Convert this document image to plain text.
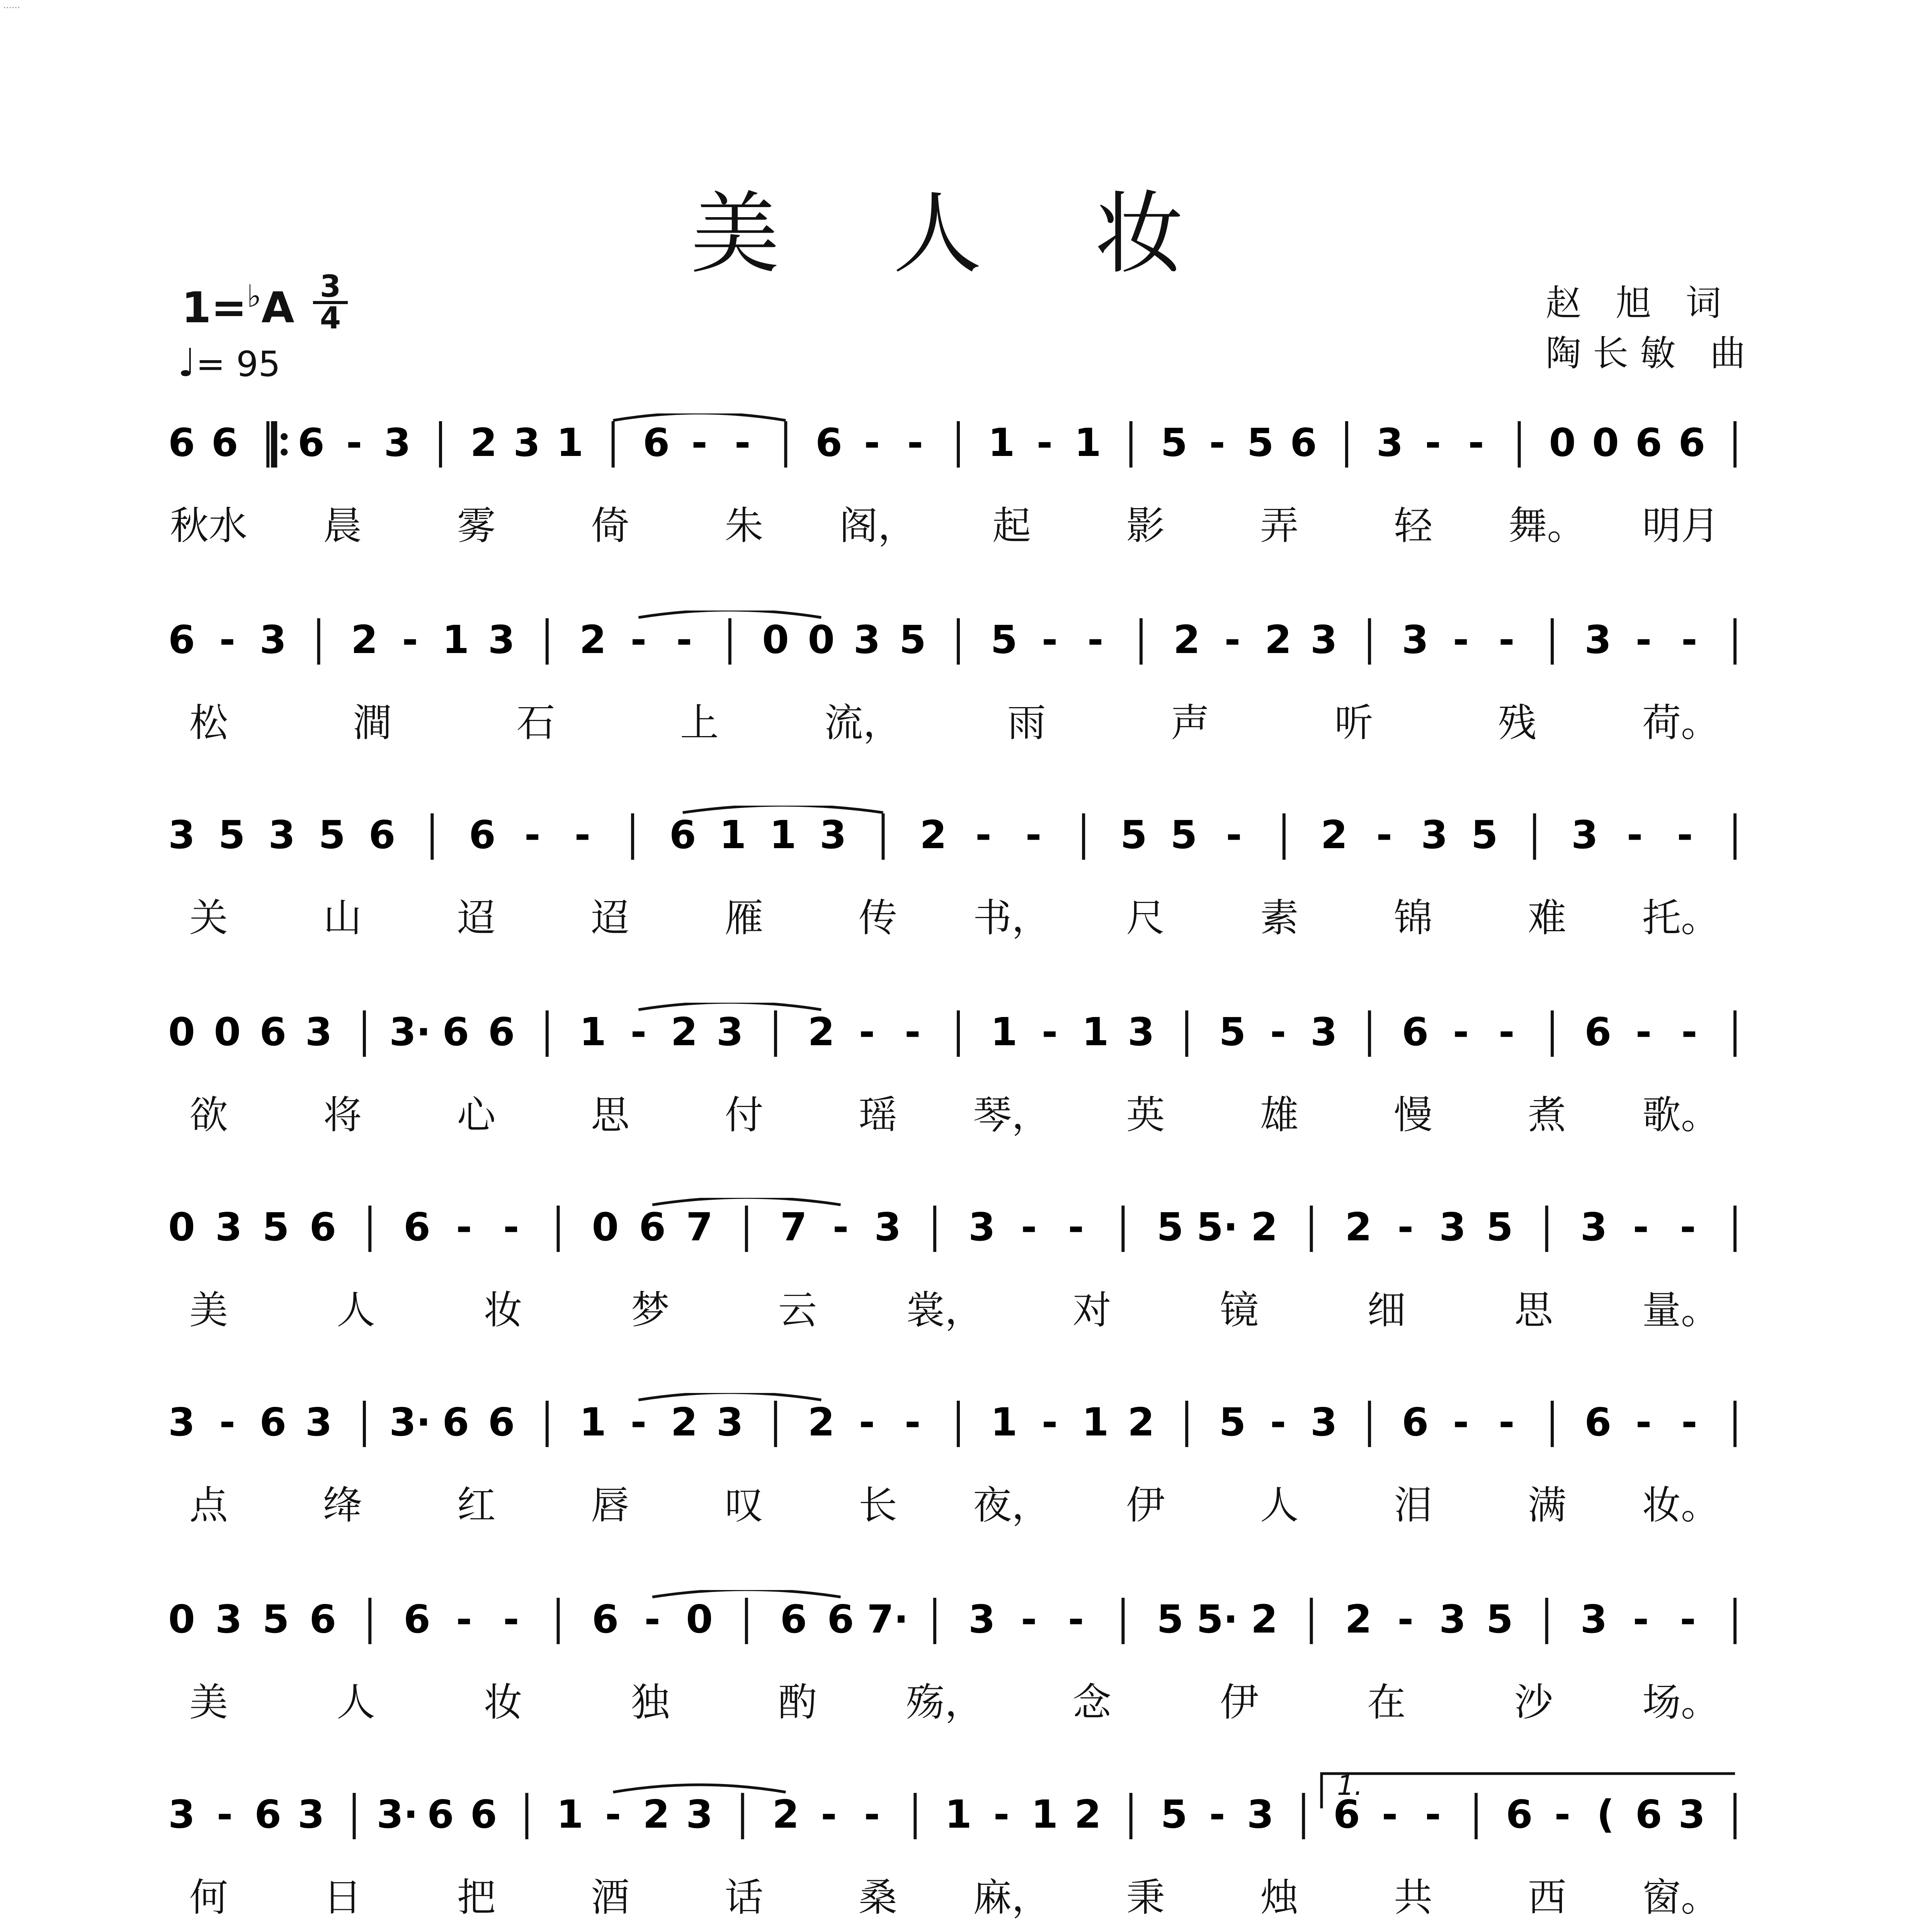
……
美 人 妆
$1=^♭A \frac{3}{4}$
♩= 95
赵 旭 词
陶长敏 曲
6 6 6 - 3 2 3 1 6 - - 6 - - 1 - 1 5 - 5 6 3 - - 0 0 6 6
秋水 晨 雾 倚 朱 阁， 起 影 弄 轻 舞。 明月
6 - 3 2 - 1 3 2 - - 0 0 3 5 5 - - 2 - 2 3 3 - - 3 - -
松	澗	石	上	流，	雨	声	听	残	荷。
3 5 3 5 6 6 - - 6 1 1 3 2 - - 5 5 - 2 - 3 5 3 - -
关 山 迢 迢 雁 传 书， 尺 素 锦 难 托。
0 0 6 3 3· 6 6 1 - 2 3 2 - - 1 - 1 3 5 - 3 6 - - 6 - -
欲 将 心 思 付 瑶 琴， 英 雄 慢 煮 歌。
0 3 5 6 6 - - 0 6 7 7 - 3 3 - - 5 5· 2 2 - 3 5 3 - -
美	人	妆	梦	云 裳， 对	镜	细	思 量。
3 - 6 3 3· 6 6 1 - 2 3 2 - - 1 - 1 2 5 - 3 6 - - 6 - -
点 绛 红 唇 叹 长 夜， 伊 人 泪 满 妆。
0 3 5 6 6 - - 6 - 0 6 6 7· 3 - - 5 5· 2 2 - 3 5 3 - -
美	人	妆	独	酌 殇， 念	伊	在	沙 场。
3 - 6 3 3· 6 6 1 - 2 3 2 - - 1 - 1 2 5 - 3 6 - - 6 - ( 6 3
1.
何 日 把 酒 话 桑 麻， 秉 烛 共 西 窗。
